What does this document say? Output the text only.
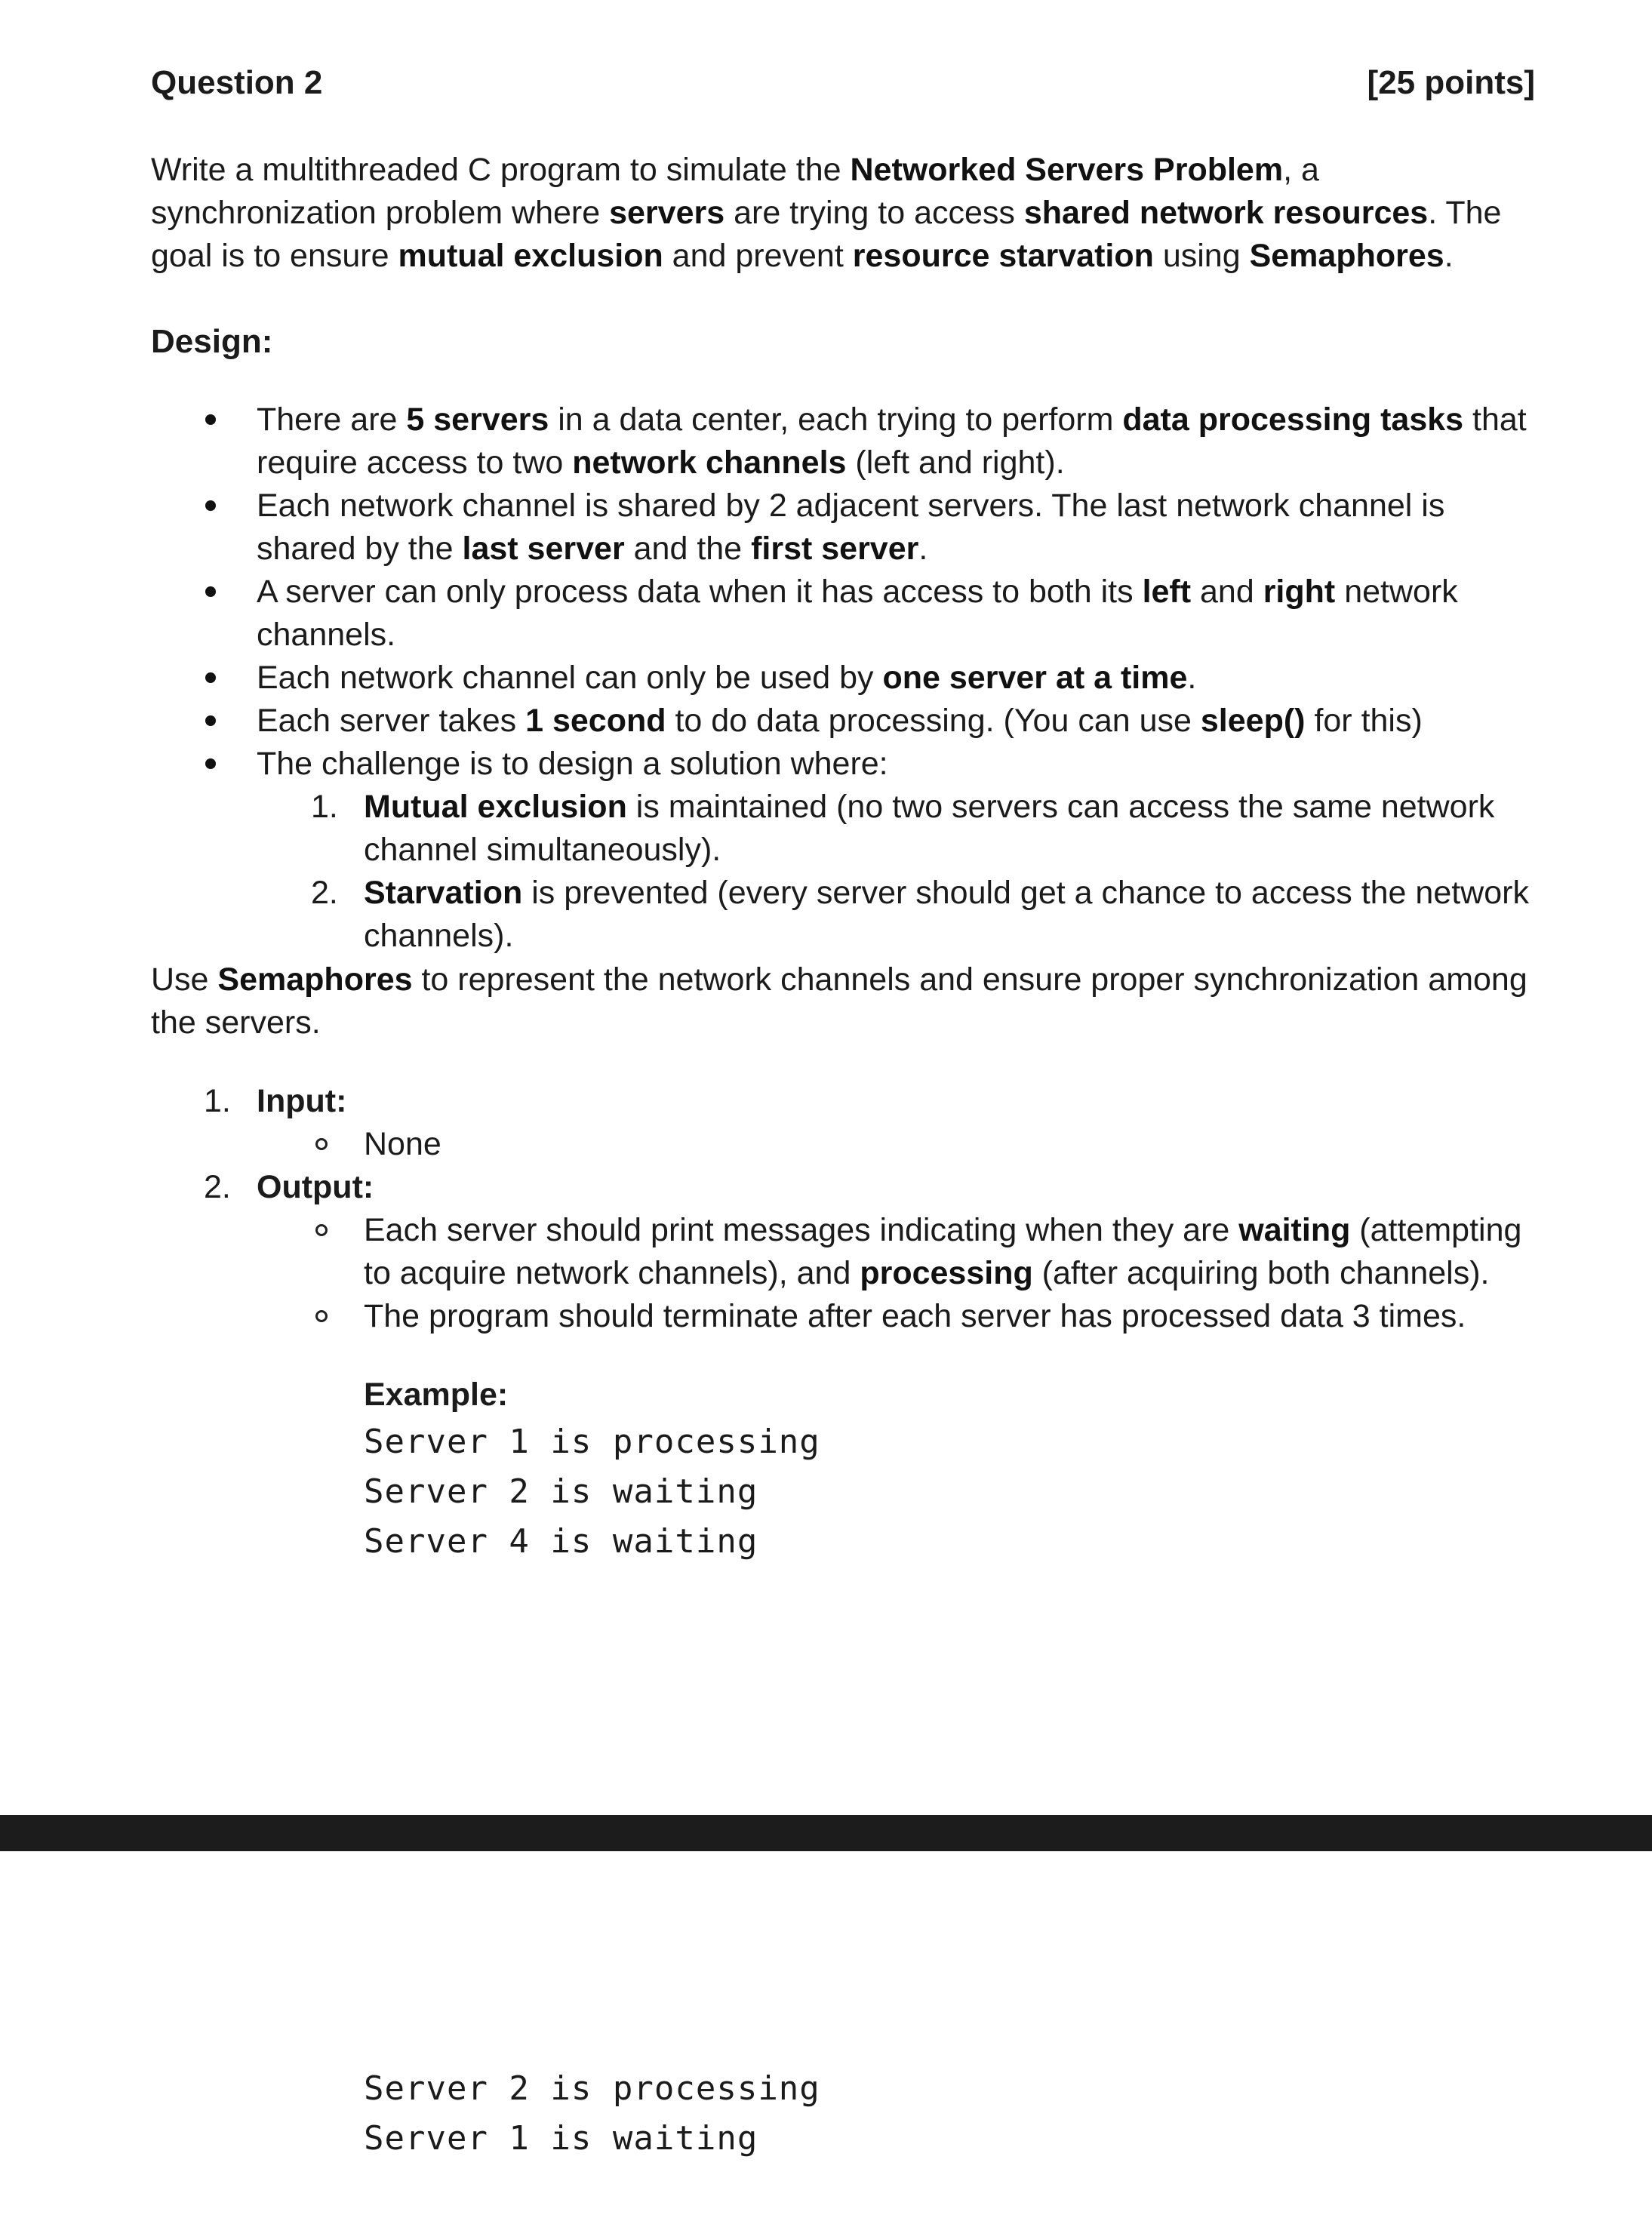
Question 2	[25 points]
Write a multithreaded C program to simulate the Networked Servers Problem, a
synchronization problem where servers are trying to access shared network resources. The
goal is to ensure mutual exclusion and prevent resource starvation using Semaphores.
Design:
There are 5 servers in a data center, each trying to perform data processing tasks that
require access to two network channels (left and right).
Each network channel is shared by 2 adjacent servers. The last network channel is
shared by the last server and the first server.
A server can only process data when it has access to both its left and right network
channels.
Each network channel can only be used by one server at a time.
Each server takes 1 second to do data processing. (You can use sleep() for this)
The challenge is to design a solution where:
1. Mutual exclusion is maintained (no two servers can access the same network
channel simultaneously).
2. Starvation is prevented (every server should get a chance to access the network
channels).
Use Semaphores to represent the network channels and ensure proper synchronization among
the servers.
1. Input:
None
2. Output:
Each server should print messages indicating when they are waiting (attempting
to acquire network channels), and processing (after acquiring both channels).
The program should terminate after each server has processed data 3 times.
Example:
Server 1 is processing
Server 2 is waiting
Server 4 is waiting
Server 2 is processing
Server 1 is waiting
